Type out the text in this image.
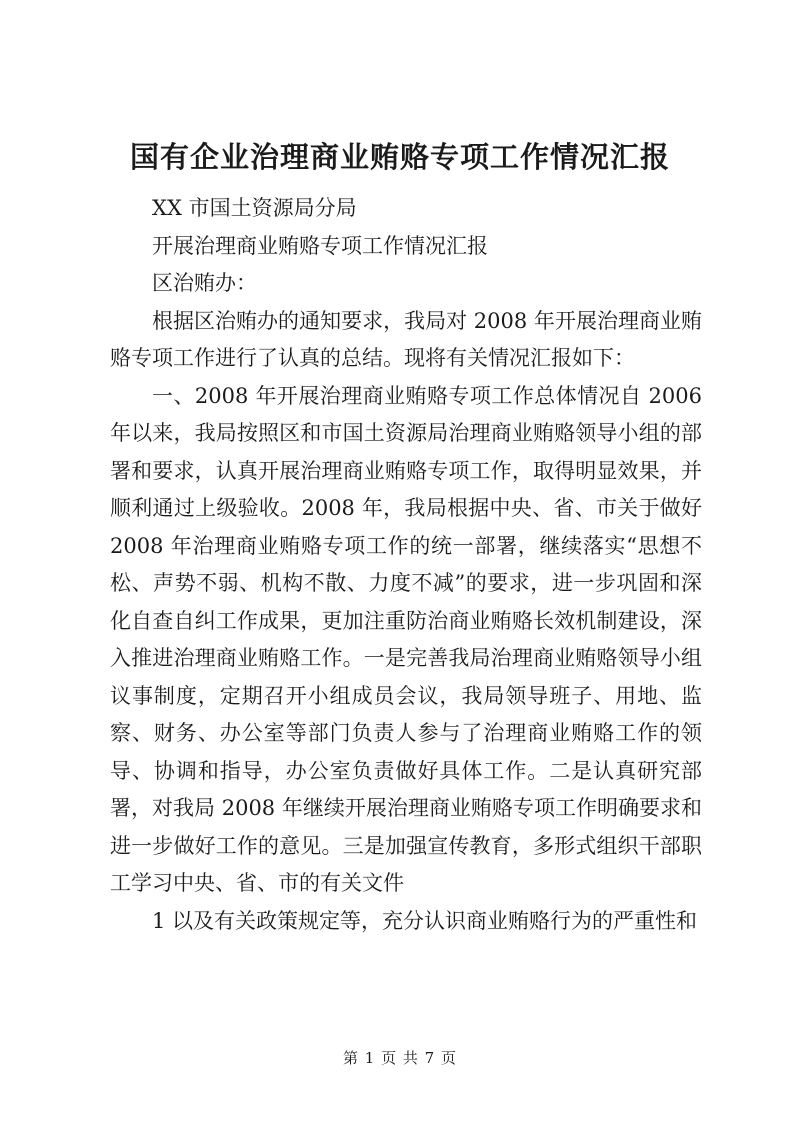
国有企业治理商业贿赂专项工作情况汇报

XX 市国土资源局分局

开展治理商业贿赂专项工作情况汇报

区治贿办：

根据区治贿办的通知要求，我局对 2008 年开展治理商业贿赂专项工作进行了认真的总结。现将有关情况汇报如下：

一、2008 年开展治理商业贿赂专项工作总体情况自 2006 年以来，我局按照区和市国土资源局治理商业贿赂领导小组的部署和要求，认真开展治理商业贿赂专项工作，取得明显效果，并顺利通过上级验收。2008 年，我局根据中央、省、市关于做好 2008 年治理商业贿赂专项工作的统一部署，继续落实“思想不松、声势不弱、机构不散、力度不减”的要求，进一步巩固和深化自查自纠工作成果，更加注重防治商业贿赂长效机制建设，深入推进治理商业贿赂工作。一是完善我局治理商业贿赂领导小组议事制度，定期召开小组成员会议，我局领导班子、用地、监察、财务、办公室等部门负责人参与了治理商业贿赂工作的领导、协调和指导，办公室负责做好具体工作。二是认真研究部署，对我局 2008 年继续开展治理商业贿赂专项工作明确要求和进一步做好工作的意见。三是加强宣传教育，多形式组织干部职工学习中央、省、市的有关文件

1 以及有关政策规定等，充分认识商业贿赂行为的严重性和

第 1 页 共 7 页
